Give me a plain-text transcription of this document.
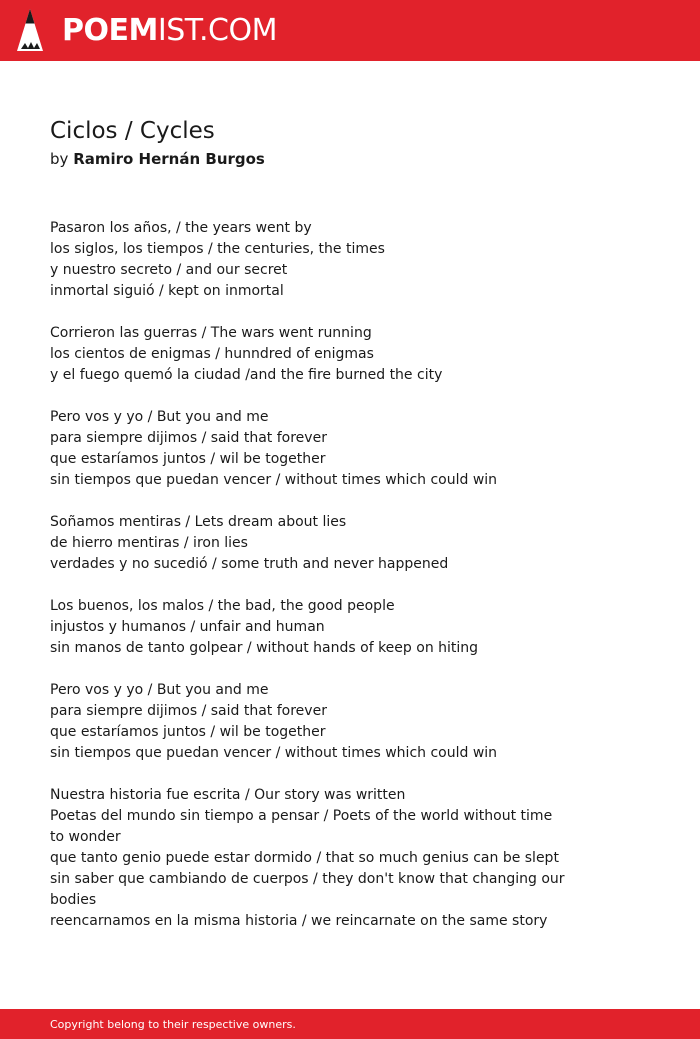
POEMIST.COM
Ciclos / Cycles
by Ramiro Hernán Burgos
Pasaron los años, / the years went by
los siglos, los tiempos / the centuries, the times
y nuestro secreto / and our secret
inmortal siguió / kept on inmortal
Corrieron las guerras / The wars went running
los cientos de enigmas / hunndred of enigmas
y el fuego quemó la ciudad /and the fire burned the city
Pero vos y yo / But you and me
para siempre dijimos / said that forever
que estaríamos juntos / wil be together
sin tiempos que puedan vencer / without times which could win
Soñamos mentiras / Lets dream about lies
de hierro mentiras / iron lies
verdades y no sucedió / some truth and never happened
Los buenos, los malos / the bad, the good people
injustos y humanos / unfair and human
sin manos de tanto golpear / without hands of keep on hiting
Pero vos y yo / But you and me
para siempre dijimos / said that forever
que estaríamos juntos / wil be together
sin tiempos que puedan vencer / without times which could win
Nuestra historia fue escrita / Our story was written
Poetas del mundo sin tiempo a pensar / Poets of the world without time to wonder
que tanto genio puede estar dormido / that so much genius can be slept
sin saber que cambiando de cuerpos / they don't know that changing our bodies
reencarnamos en la misma historia / we reincarnate on the same story
Copyright belong to their respective owners.
